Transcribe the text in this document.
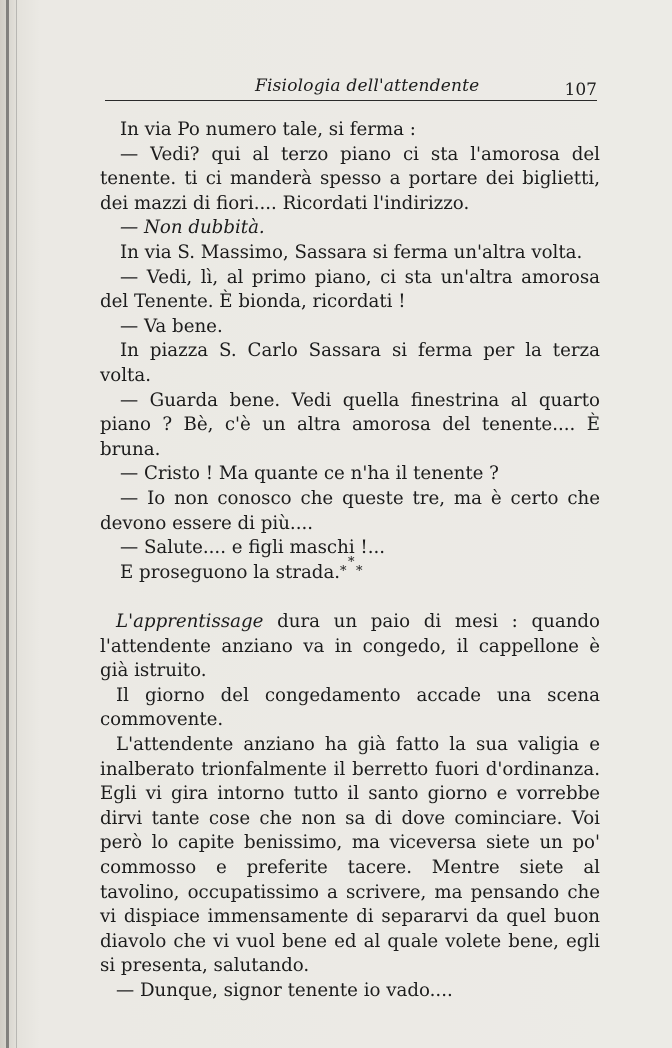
Fisiologia dell'attendente	107

In via Po numero tale, si ferma :

— Vedi? qui al terzo piano ci sta l'amorosa del tenente. ti ci manderà spesso a portare dei biglietti, dei mazzi di fiori.... Ricordati l'indirizzo.

— Non dubbità.

In via S. Massimo, Sassara si ferma un'altra volta.

— Vedi, lì, al primo piano, ci sta un'altra amorosa del Tenente. È bionda, ricordati !

— Va bene.

In piazza S. Carlo Sassara si ferma per la terza volta.

— Guarda bene. Vedi quella finestrina al quarto piano ? Bè, c'è un altra amorosa del tenente.... È bruna.

— Cristo ! Ma quante ce n'ha il tenente ?

— Io non conosco che queste tre, ma è certo che devono essere di più....

— Salute.... e figli maschi !...

E proseguono la strada. *
* *

L'apprentissage dura un paio di mesi : quando l'attendente anziano va in congedo, il cappellone è già istruito.

Il giorno del congedamento accade una scena commovente.

L'attendente anziano ha già fatto la sua valigia e inalberato trionfalmente il berretto fuori d'ordinanza. Egli vi gira intorno tutto il santo giorno e vorrebbe dirvi tante cose che non sa di dove cominciare. Voi però lo capite benissimo, ma viceversa siete un po' commosso e preferite tacere. Mentre siete al tavolino, occupatissimo a scrivere, ma pensando che vi dispiace immensamente di separarvi da quel buon diavolo che vi vuol bene ed al quale volete bene, egli si presenta, salutando.

— Dunque, signor tenente io vado....
